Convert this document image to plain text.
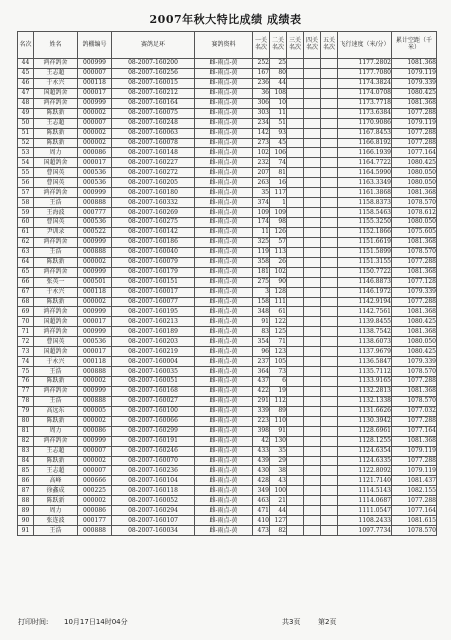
2007年秋大特比成绩 成绩表
名次	姓名	鸽棚编号	赛鸽足环	赛鸽资料	一关名次	二关名次	三关名次	四关名次	五关名次	飞行速度（米/分）	累计空距（千米）
44	鸿祥鸽舍	000999	08-2007-160200	雌-雨点-黄	252	25				1177.2802	1081.368
45	王志超	000007	08-2007-160256	雌-雨点-黄	167	80				1177.7080	1079.119
46	于永兴	000118	08-2007-160015	雌-雨点-黄	236	44				1174.3824	1079.339
47	国超鸽舍	000017	08-2007-160212	雌-雨点-黄	36	108				1174.0708	1080.425
48	鸿祥鸽舍	000999	08-2007-160164	雌-雨点-黄	306	10				1173.7718	1081.368
49	陈跃新	000002	08-2007-160075	雌-雨点-黄	303	11				1173.6384	1077.288
50	王志超	000007	08-2007-160248	雌-雨点-黄	234	51				1170.9086	1079.119
51	陈跃新	000002	08-2007-160063	雌-雨点-黄	142	93				1167.8453	1077.288
52	陈跃新	000002	08-2007-160078	雌-雨点-黄	273	45				1166.8192	1077.288
53	周力	000086	08-2007-160148	雌-雨点-黄	102	106				1166.1939	1077.164
54	国超鸽舍	000017	08-2007-160227	雌-雨点-黄	232	74				1164.7722	1080.425
55	曹国英	000536	08-2007-160272	雌-雨点-黄	207	81				1164.5990	1080.050
56	曹国英	000536	08-2007-160205	雌-雨点-黄	263	16				1163.3349	1080.050
57	鸿祥鸽舍	000999	08-2007-160180	雌-雨点-黄	35	117				1161.3868	1081.368
58	王浩	000888	08-2007-160332	雌-雨点-黄	374	1				1158.8373	1078.570
59	王海波	000777	08-2007-160269	雌-雨点-黄	109	109				1158.5463	1078.612
60	曹国英	000536	08-2007-160275	雌-雨点-黄	174	98				1155.3250	1080.050
61	尹训录	000522	08-2007-160142	雌-雨点-黄	11	126				1152.1866	1075.605
62	鸿祥鸽舍	000999	08-2007-160186	雌-雨点-黄	325	57				1151.6619	1081.368
63	王浩	000888	08-2007-160040	雌-雨点-黄	119	113				1151.5899	1078.570
64	陈跃新	000002	08-2007-160079	雌-雨点-黄	358	26				1151.3155	1077.288
65	鸿祥鸽舍	000999	08-2007-160179	雌-雨点-黄	181	102				1150.7722	1081.368
66	张英一	000501	08-2007-160151	雌-雨点-黄	275	90				1146.8873	1077.128
67	于永兴	000118	08-2007-160017	雌-雨点-黄	3	128				1146.1972	1079.339
68	陈跃新	000002	08-2007-160077	雌-雨点-黄	158	111				1142.9194	1077.288
69	鸿祥鸽舍	000999	08-2007-160195	雌-雨点-黄	348	61				1142.7561	1081.368
70	国超鸽舍	000017	08-2007-160213	雌-雨点-黄	91	122				1139.8455	1080.425
71	鸿祥鸽舍	000999	08-2007-160189	雌-雨点-黄	83	125				1138.7542	1081.368
72	曹国英	000536	08-2007-160203	雌-雨点-黄	354	71				1138.6073	1080.050
73	国超鸽舍	000017	08-2007-160219	雌-雨点-黄	96	123				1137.9679	1080.425
74	于永兴	000118	08-2007-160004	雌-雨点-黄	237	105				1136.5847	1079.339
75	王浩	000888	08-2007-160035	雌-雨点-黄	364	73				1135.7112	1078.570
76	陈跃新	000002	08-2007-160051	雌-雨点-黄	437	6				1133.9165	1077.288
77	鸿祥鸽舍	000999	08-2007-160168	雌-雨点-黄	422	19				1132.2813	1081.368
78	王浩	000888	08-2007-160027	雌-雨点-黄	291	112				1132.1338	1078.570
79	高远东	000005	08-2007-160100	雌-雨点-黄	339	89				1131.6626	1077.032
80	陈跃新	000002	08-2007-160066	雌-雨点-黄	223	110				1130.3942	1077.288
81	周力	000086	08-2007-160299	雌-雨点-黄	398	91				1128.6961	1077.164
82	鸿祥鸽舍	000999	08-2007-160191	雌-雨点-黄	42	130				1128.1255	1081.368
83	王志超	000007	08-2007-160246	雌-雨点-黄	433	35				1124.6354	1079.119
84	陈跃新	000002	08-2007-160070	雌-雨点-黄	439	29				1124.6335	1077.288
85	王志超	000007	08-2007-160236	雌-雨点-黄	430	38				1122.8092	1079.119
86	高峰	000666	08-2007-160104	雌-雨点-黄	428	43				1121.7140	1081.437
87	徐鑫成	000225	08-2007-160118	雌-雨点-黄	349	100				1114.5143	1082.155
88	陈跃新	000002	08-2007-160052	雌-雨点-黄	463	21				1114.0687	1077.288
89	周力	000086	08-2007-160294	雌-雨点-黄	471	44				1111.0547	1077.164
90	张连波	000177	08-2007-160107	雌-雨点-黄	410	127				1108.2433	1081.615
91	王浩	000888	08-2007-160034	雌-雨点-黄	473	82				1097.7734	1078.570
打印时间: 10月17日14时04分	共3页	第2页
